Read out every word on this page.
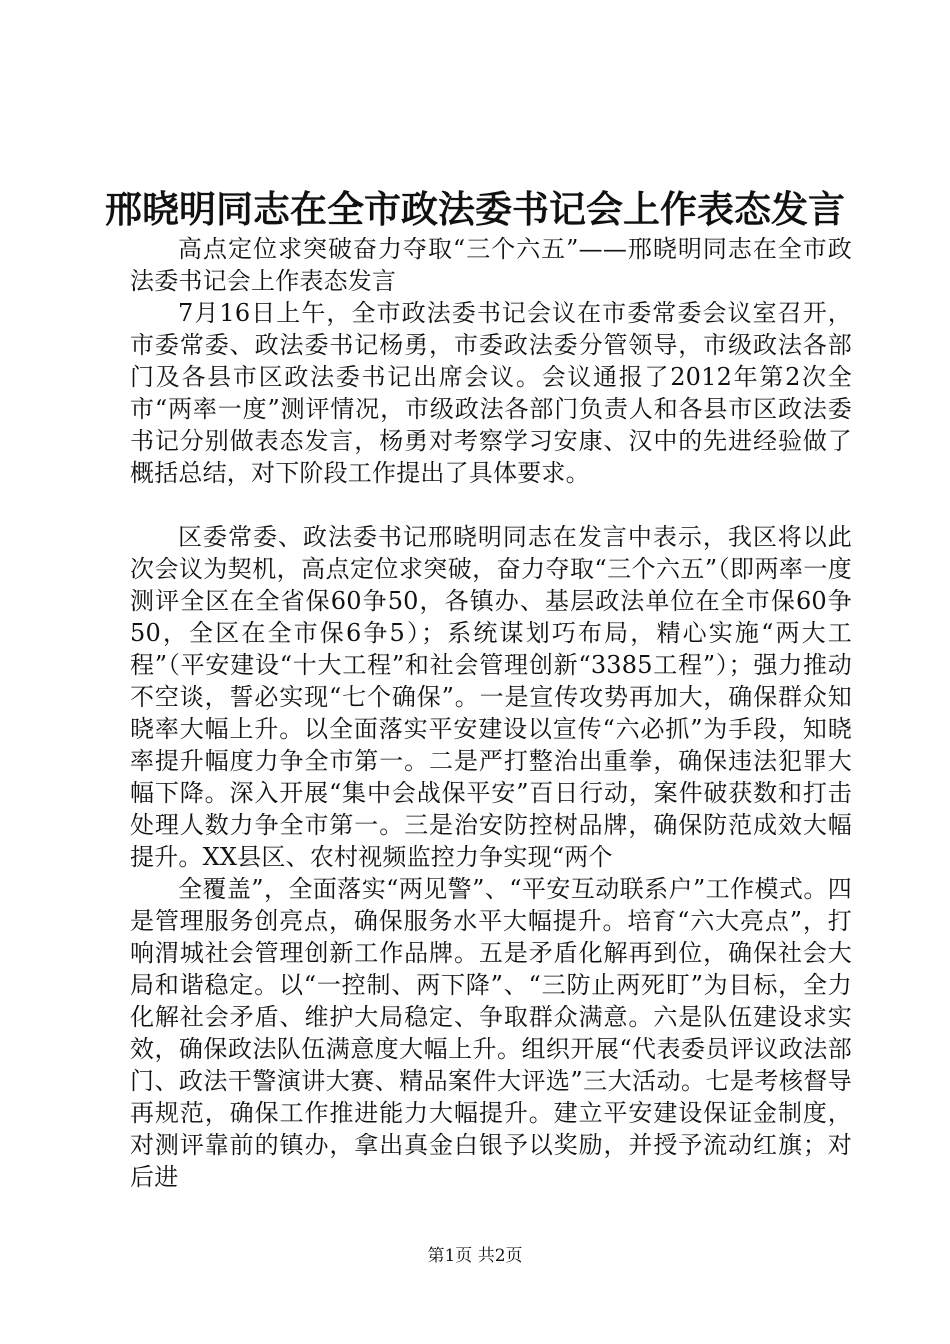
邢晓明同志在全市政法委书记会上作表态发言

高点定位求突破奋力夺取“三个六五”——邢晓明同志在全市政法委书记会上作表态发言

7月16日上午，全市政法委书记会议在市委常委会议室召开，市委常委、政法委书记杨勇，市委政法委分管领导，市级政法各部门及各县市区政法委书记出席会议。会议通报了2012年第2次全市“两率一度”测评情况，市级政法各部门负责人和各县市区政法委书记分别做表态发言，杨勇对考察学习安康、汉中的先进经验做了概括总结，对下阶段工作提出了具体要求。

区委常委、政法委书记邢晓明同志在发言中表示，我区将以此次会议为契机，高点定位求突破，奋力夺取“三个六五”（即两率一度测评全区在全省保60争50，各镇办、基层政法单位在全市保60争50，全区在全市保6争5）；系统谋划巧布局，精心实施“两大工程”（平安建设“十大工程”和社会管理创新“3385工程”）；强力推动不空谈，誓必实现“七个确保”。一是宣传攻势再加大，确保群众知晓率大幅上升。以全面落实平安建设以宣传“六必抓”为手段，知晓率提升幅度力争全市第一。二是严打整治出重拳，确保违法犯罪大幅下降。深入开展“集中会战保平安”百日行动，案件破获数和打击处理人数力争全市第一。三是治安防控树品牌，确保防范成效大幅提升。XX县区、农村视频监控力争实现“两个

全覆盖”，全面落实“两见警”、“平安互动联系户”工作模式。四是管理服务创亮点，确保服务水平大幅提升。培育“六大亮点”，打响渭城社会管理创新工作品牌。五是矛盾化解再到位，确保社会大局和谐稳定。以“一控制、两下降”、“三防止两死盯”为目标，全力化解社会矛盾、维护大局稳定、争取群众满意。六是队伍建设求实效，确保政法队伍满意度大幅上升。组织开展“代表委员评议政法部门、政法干警演讲大赛、精品案件大评选”三大活动。七是考核督导再规范，确保工作推进能力大幅提升。建立平安建设保证金制度，对测评靠前的镇办，拿出真金白银予以奖励，并授予流动红旗；对后进

第1页 共2页
